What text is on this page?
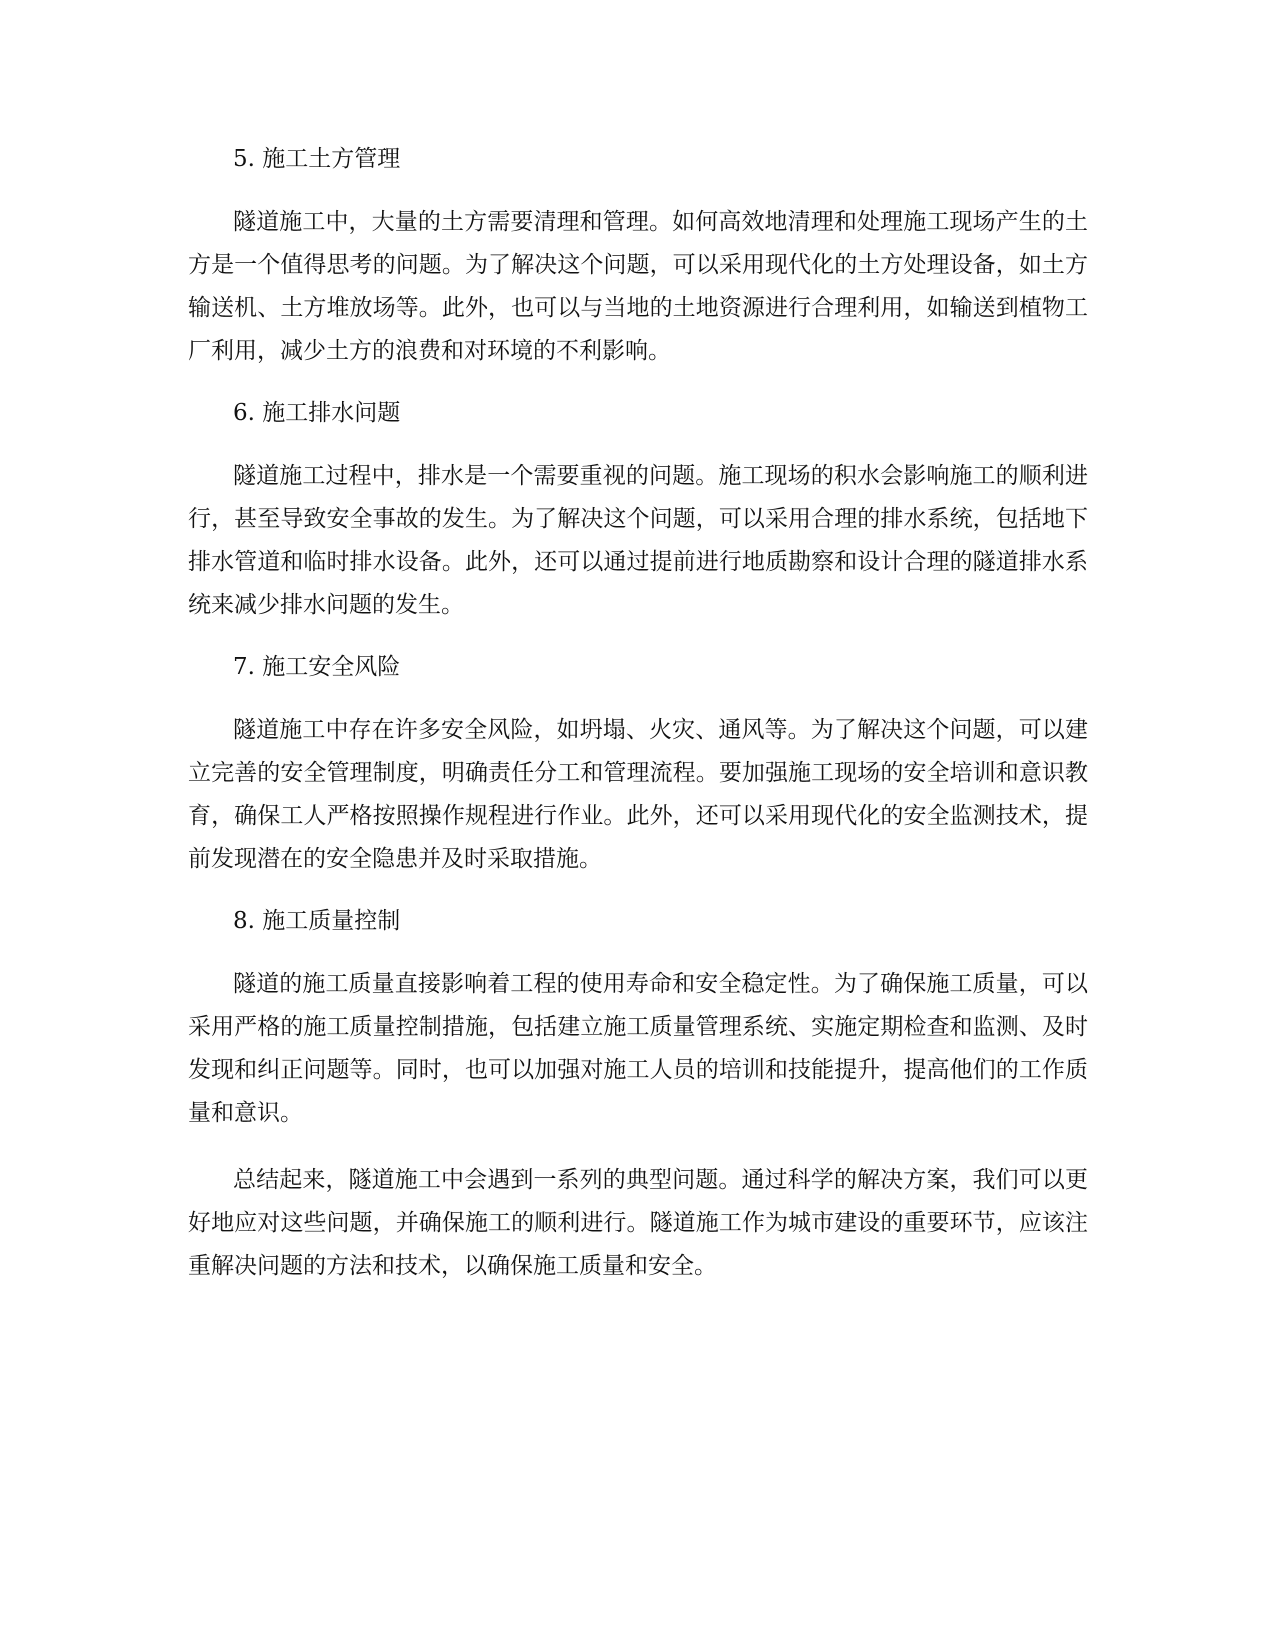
5. 施工土方管理

隧道施工中，大量的土方需要清理和管理。如何高效地清理和处理施工现场产生的土方是一个值得思考的问题。为了解决这个问题，可以采用现代化的土方处理设备，如土方输送机、土方堆放场等。此外，也可以与当地的土地资源进行合理利用，如输送到植物工厂利用，减少土方的浪费和对环境的不利影响。

6. 施工排水问题

隧道施工过程中，排水是一个需要重视的问题。施工现场的积水会影响施工的顺利进行，甚至导致安全事故的发生。为了解决这个问题，可以采用合理的排水系统，包括地下排水管道和临时排水设备。此外，还可以通过提前进行地质勘察和设计合理的隧道排水系统来减少排水问题的发生。

7. 施工安全风险

隧道施工中存在许多安全风险，如坍塌、火灾、通风等。为了解决这个问题，可以建立完善的安全管理制度，明确责任分工和管理流程。要加强施工现场的安全培训和意识教育，确保工人严格按照操作规程进行作业。此外，还可以采用现代化的安全监测技术，提前发现潜在的安全隐患并及时采取措施。

8. 施工质量控制

隧道的施工质量直接影响着工程的使用寿命和安全稳定性。为了确保施工质量，可以采用严格的施工质量控制措施，包括建立施工质量管理系统、实施定期检查和监测、及时发现和纠正问题等。同时，也可以加强对施工人员的培训和技能提升，提高他们的工作质量和意识。

总结起来，隧道施工中会遇到一系列的典型问题。通过科学的解决方案，我们可以更好地应对这些问题，并确保施工的顺利进行。隧道施工作为城市建设的重要环节，应该注重解决问题的方法和技术，以确保施工质量和安全。
